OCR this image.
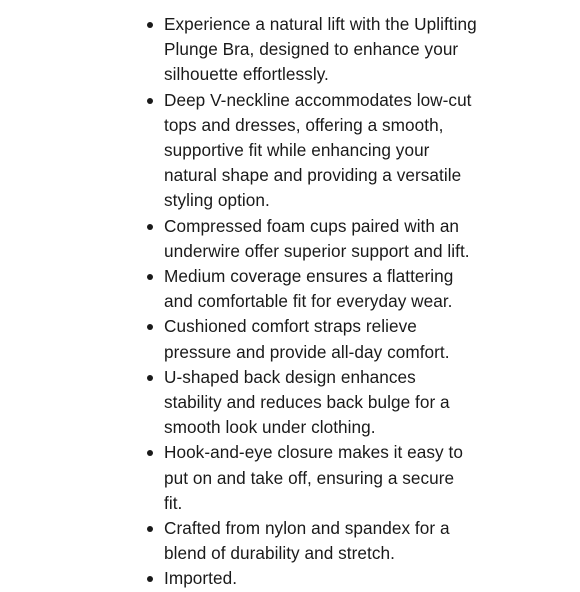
Experience a natural lift with the Uplifting Plunge Bra, designed to enhance your silhouette effortlessly.
Deep V-neckline accommodates low-cut tops and dresses, offering a smooth, supportive fit while enhancing your natural shape and providing a versatile styling option.
Compressed foam cups paired with an underwire offer superior support and lift.
Medium coverage ensures a flattering and comfortable fit for everyday wear.
Cushioned comfort straps relieve pressure and provide all-day comfort.
U-shaped back design enhances stability and reduces back bulge for a smooth look under clothing.
Hook-and-eye closure makes it easy to put on and take off, ensuring a secure fit.
Crafted from nylon and spandex for a blend of durability and stretch.
Imported.
